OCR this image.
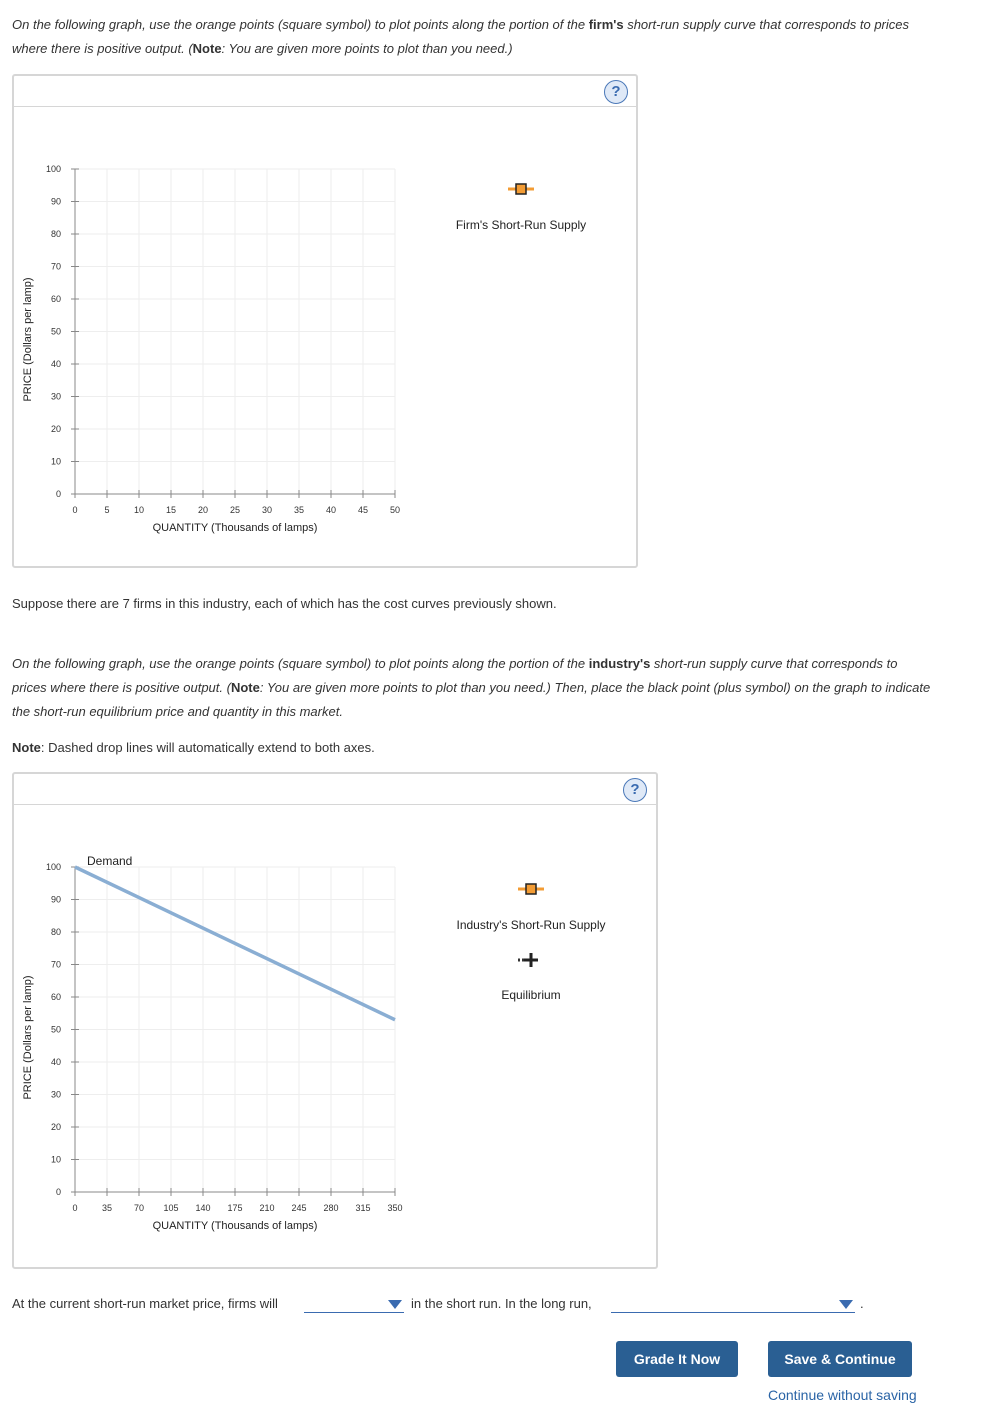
On the following graph, use the orange points (square symbol) to plot points along the portion of the firm's short-run supply curve that corresponds to prices where there is positive output. (Note: You are given more points to plot than you need.)
?
0
10
20
30
40
50
60
70
80
90
100
0	5	10 15 20 25 30 35 40 45 50
PRICE (Dollars per lamp)
QUANTITY (Thousands of lamps)
Firm's Short-Run Supply
Suppose there are 7 firms in this industry, each of which has the cost curves previously shown.
On the following graph, use the orange points (square symbol) to plot points along the portion of the industry's short-run supply curve that corresponds to prices where there is positive output. (Note: You are given more points to plot than you need.) Then, place the black point (plus symbol) on the graph to indicate the short-run equilibrium price and quantity in this market.
Note: Dashed drop lines will automatically extend to both axes.
?
0
10
20
30
40
50
60
70
80
90
100
0	35 70 105 140 175 210 245 280 315 350
Demand
PRICE (Dollars per lamp)
QUANTITY (Thousands of lamps)
Industry's Short-Run Supply
Equilibrium
At the current short-run market price, firms will	in the short run. In the long run,	.
Grade It Now	Save & Continue
Continue without saving
